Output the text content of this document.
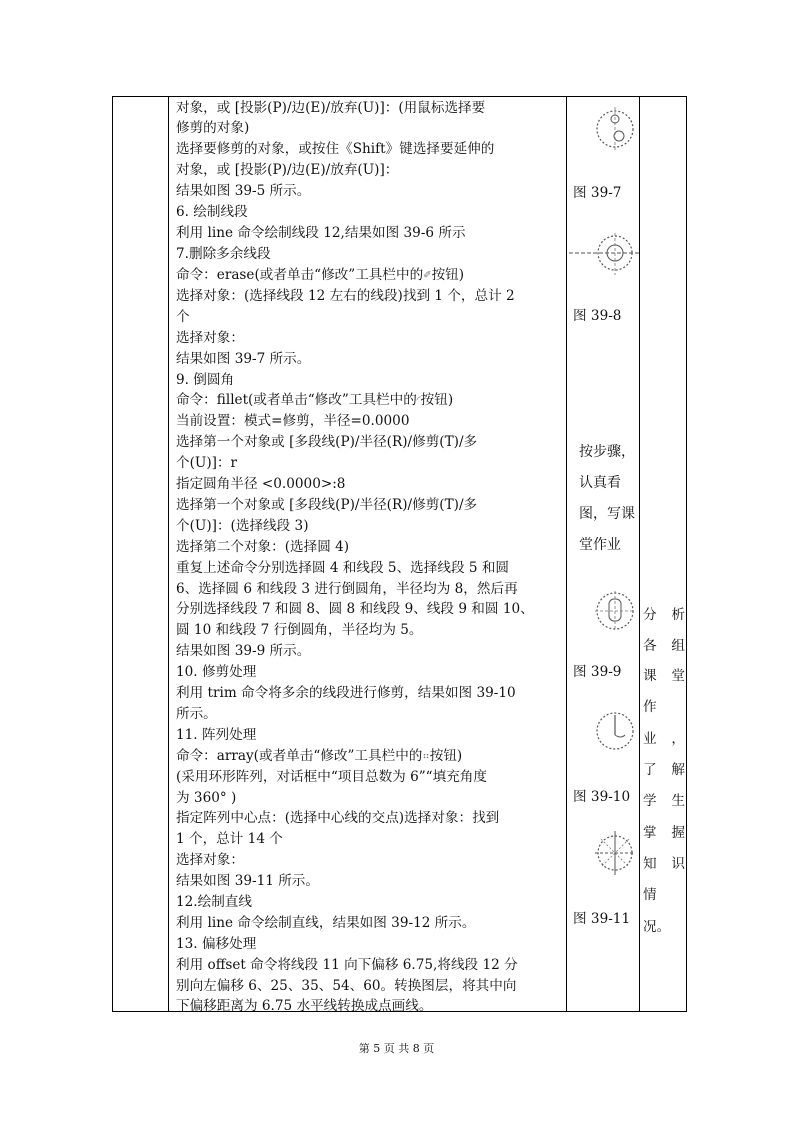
对象，或 [投影(P)/边(E)/放弃(U)]：(用鼠标选择要
修剪的对象)
选择要修剪的对象，或按住《Shift》键选择要延伸的
对象，或 [投影(P)/边(E)/放弃(U)]：
结果如图 39-5 所示。
6. 绘制线段
利用 line 命令绘制线段 12,结果如图 39-6 所示
7.删除多余线段
命令：erase(或者单击“修改”工具栏中的✐按钮)
选择对象：(选择线段 12 左右的线段)找到 1 个，总计 2
个
选择对象：
结果如图 39-7 所示。
9. 倒圆角
命令：fillet(或者单击“修改”工具栏中的◜按钮)
当前设置：模式=修剪，半径=0.0000
选择第一个对象或 [多段线(P)/半径(R)/修剪(T)/多
个(U)]：r
指定圆角半径 <0.0000>:8
选择第一个对象或 [多段线(P)/半径(R)/修剪(T)/多
个(U)]：(选择线段 3)
选择第二个对象：(选择圆 4)
重复上述命令分别选择圆 4 和线段 5、选择线段 5 和圆
6、选择圆 6 和线段 3 进行倒圆角，半径均为 8，然后再
分别选择线段 7 和圆 8、圆 8 和线段 9、线段 9 和圆 10、
圆 10 和线段 7 行倒圆角，半径均为 5。
结果如图 39-9 所示。
10. 修剪处理
利用 trim 命令将多余的线段进行修剪，结果如图 39-10
所示。
11. 阵列处理
命令：array(或者单击“修改”工具栏中的⠶按钮)
(采用环形阵列，对话框中“项目总数为 6”“填充角度
为 360° )
指定阵列中心点：(选择中心线的交点)选择对象：找到
1 个，总计 14 个
选择对象：
结果如图 39-11 所示。
12.绘制直线
利用 line 命令绘制直线，结果如图 39-12 所示。
13. 偏移处理
利用 offset 命令将线段 11 向下偏移 6.75,将线段 12 分
别向左偏移 6、25、35、54、60。转换图层，将其中向
下偏移距离为 6.75 水平线转换成点画线。
图 39-7
图 39-8
按步骤，
认真看
图，写课
堂作业
图 39-9
图 39-10
图 39-11
分 析
各 组
课 堂
作
业 ，
了 解
学 生
掌 握
知 识
情
况。
第 5 页 共 8 页
